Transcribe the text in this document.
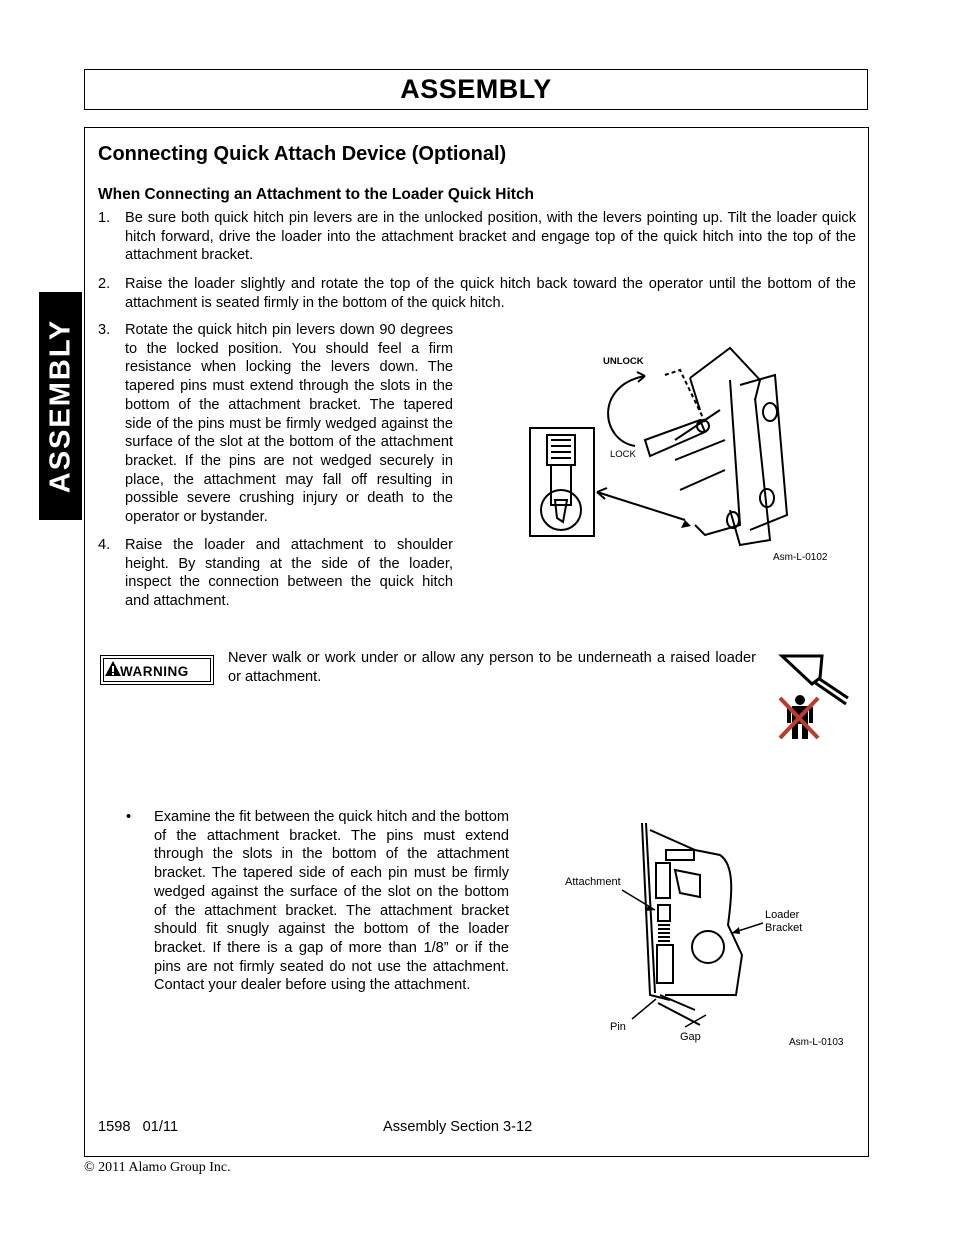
ASSEMBLY
ASSEMBLY
Connecting Quick Attach Device (Optional)
When Connecting an Attachment to the Loader Quick Hitch
1. Be sure both quick hitch pin levers are in the unlocked position, with the levers pointing up. Tilt the loader quick hitch forward, drive the loader into the attachment bracket and engage top of the quick hitch into the top of the attachment bracket.
2. Raise the loader slightly and rotate the top of the quick hitch back toward the operator until the bottom of the attachment is seated firmly in the bottom of the quick hitch.
3. Rotate the quick hitch pin levers down 90 degrees to the locked position. You should feel a firm resistance when locking the levers down. The tapered pins must extend through the slots in the bottom of the attachment bracket. The tapered side of the pins must be firmly wedged against the surface of the slot at the bottom of the attachment bracket. If the pins are not wedged securely in place, the attachment may fall off resulting in possible severe crushing injury or death to the operator or bystander.
4. Raise the loader and attachment to shoulder height. By standing at the side of the loader, inspect the connection between the quick hitch and attachment.
UNLOCK
LOCK
Asm-L-0102
WARNING
Never walk or work under or allow any person to be underneath a raised loader or attachment.
• Examine the fit between the quick hitch and the bottom of the attachment bracket. The pins must extend through the slots in the bottom of the attachment bracket. The tapered side of each pin must be firmly wedged against the surface of the slot on the bottom of the attachment bracket. The attachment bracket should fit snugly against the bottom of the loader bracket. If there is a gap of more than 1/8” or if the pins are not firmly seated do not use the attachment. Contact your dealer before using the attachment.
Attachment
Loader
Bracket
Pin
Gap	Asm-L-0103
1598   01/11	Assembly Section 3-12
© 2011 Alamo Group Inc.
